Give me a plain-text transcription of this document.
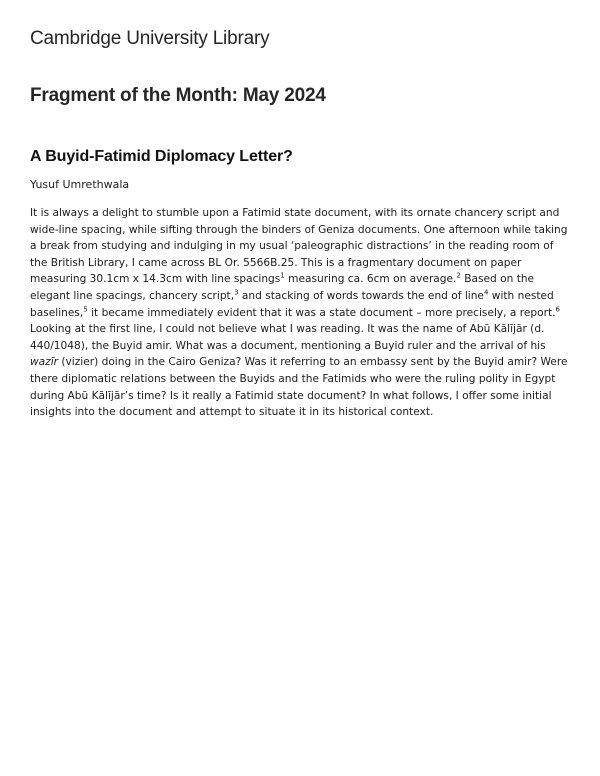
Cambridge University Library
Fragment of the Month: May 2024
A Buyid-Fatimid Diplomacy Letter?

Yusuf Umrethwala

It is always a delight to stumble upon a Fatimid state document, with its ornate chancery script and wide-line spacing, while sifting through the binders of Geniza documents. One afternoon while taking a break from studying and indulging in my usual ‘paleographic distractions’ in the reading room of the British Library, I came across BL Or. 5566B.25. This is a fragmentary document on paper measuring 30.1cm x 14.3cm with line spacings$^1$ measuring ca. 6cm on average.$^2$ Based on the elegant line spacings, chancery script,$^3$ and stacking of words towards the end of line$^4$ with nested baselines,$^5$ it became immediately evident that it was a state document – more precisely, a report.$^6$ Looking at the first line, I could not believe what I was reading. It was the name of Abū Kālījār (d. 440/1048), the Buyid amir. What was a document, mentioning a Buyid ruler and the arrival of his wazīr (vizier) doing in the Cairo Geniza? Was it referring to an embassy sent by the Buyid amir? Were there diplomatic relations between the Buyids and the Fatimids who were the ruling polity in Egypt during Abū Kālījār’s time? Is it really a Fatimid state document? In what follows, I offer some initial insights into the document and attempt to situate it in its historical context.
